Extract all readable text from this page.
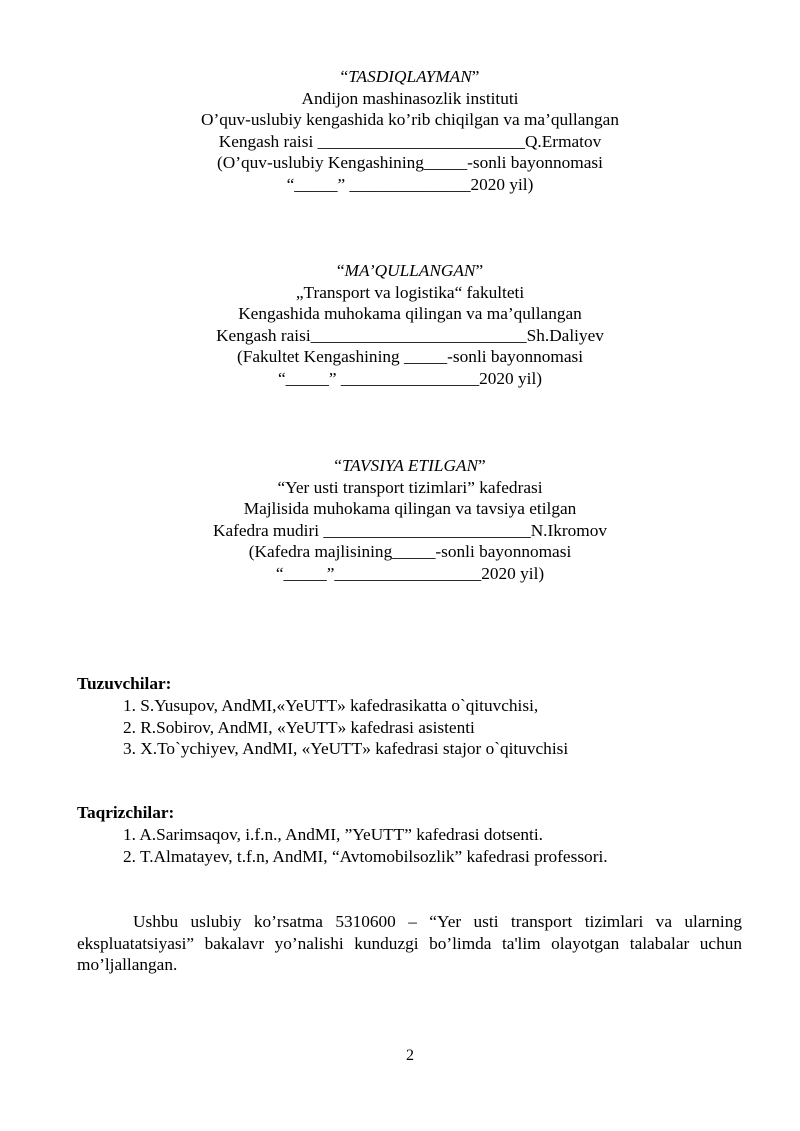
“TASDIQLAYMAN”
Andijon mashinasozlik instituti
O’quv-uslubiy kengashida ko’rib chiqilgan va ma’qullangan
Kengash raisi ________________________Q.Ermatov
(O’quv-uslubiy Kengashining_____-sonli bayonnomasi
“_____” ______________2020 yil)
“MA’QULLANGAN”
„Transport va logistika“ fakulteti
Kengashida muhokama qilingan va ma’qullangan
Kengash raisi_________________________Sh.Daliyev
(Fakultet Kengashining _____-sonli bayonnomasi
“_____” ________________2020 yil)
“TAVSIYA ETILGAN”
“Yer usti transport tizimlari” kafedrasi
Majlisida muhokama qilingan va tavsiya etilgan
Kafedra mudiri ________________________N.Ikromov
(Kafedra majlisining_____-sonli bayonnomasi
“_____”_________________2020 yil)
Tuzuvchilar:
1. S.Yusupov, AndMI,«YeUTT» kafedrasikatta o`qituvchisi,
2. R.Sobirov, AndMI, «YeUTT» kafedrasi asistenti
3. X.To`ychiyev, AndMI, «YeUTT» kafedrasi stajor o`qituvchisi
Taqrizchilar:
1. A.Sarimsaqov, i.f.n., AndMI, ”YeUTT” kafedrasi dotsenti.
2. T.Almatayev, t.f.n, AndMI, “Avtomobilsozlik” kafedrasi professori.
Ushbu uslubiy ko’rsatma 5310600 – “Yer usti transport tizimlari va ularning ekspluatatsiyasi” bakalavr yo’nalishi kunduzgi bo’limda ta'lim olayotgan talabalar uchun mo’ljallangan.
2
